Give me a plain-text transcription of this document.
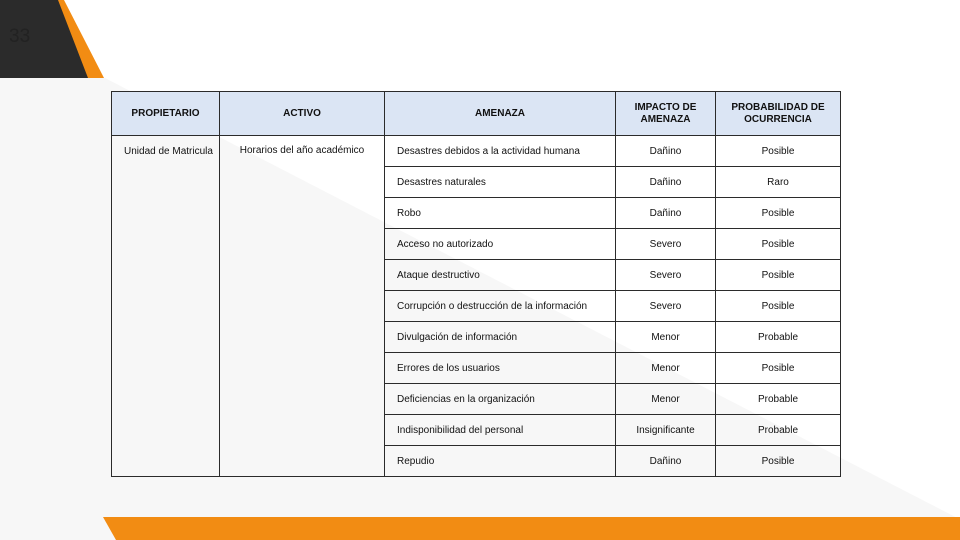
33
PROPIETARIO	ACTIVO	AMENAZA	IMPACTO DE AMENAZA	PROBABILIDAD DE OCURRENCIA
Unidad de Matricula	Horarios del año académico	Desastres debidos a la actividad humana	Dañino	Posible
		Desastres naturales	Dañino	Raro
		Robo	Dañino	Posible
		Acceso no autorizado	Severo	Posible
		Ataque destructivo	Severo	Posible
		Corrupción o destrucción de la información	Severo	Posible
		Divulgación de información	Menor	Probable
		Errores de los usuarios	Menor	Posible
		Deficiencias en la organización	Menor	Probable
		Indisponibilidad del personal	Insignificante	Probable
		Repudio	Dañino	Posible
